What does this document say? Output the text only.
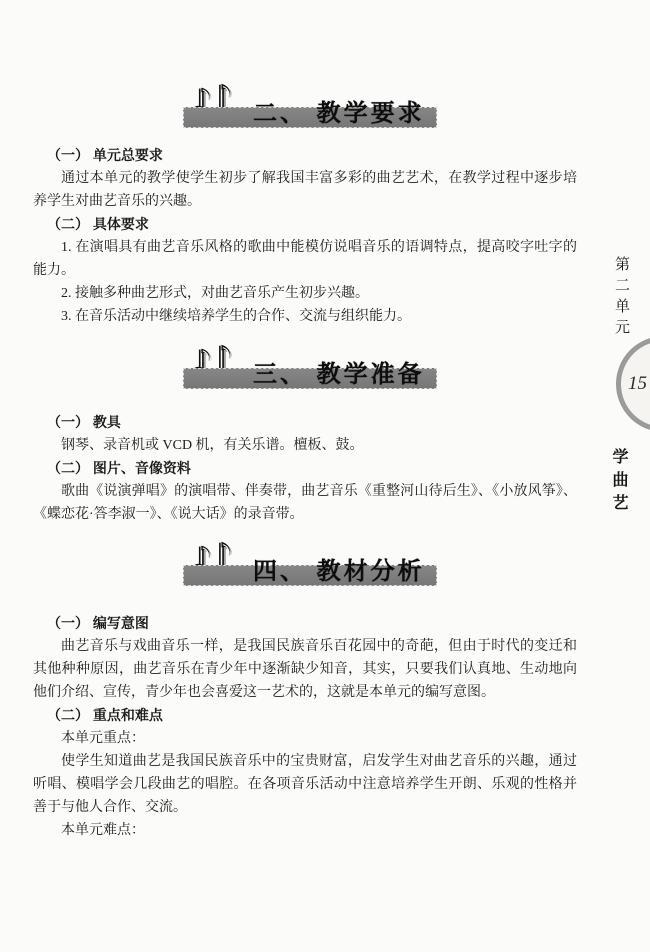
二、 教学要求

（一） 单元总要求

通过本单元的教学使学生初步了解我国丰富多彩的曲艺艺术，在教学过程中逐步培养学生对曲艺音乐的兴趣。

（二） 具体要求

1. 在演唱具有曲艺音乐风格的歌曲中能模仿说唱音乐的语调特点，提高咬字吐字的能力。

2. 接触多种曲艺形式，对曲艺音乐产生初步兴趣。

3. 在音乐活动中继续培养学生的合作、交流与组织能力。

三、 教学准备

（一） 教具

钢琴、录音机或 VCD 机，有关乐谱。檀板、鼓。

（二） 图片、音像资料

歌曲《说演弹唱》的演唱带、伴奏带，曲艺音乐《重整河山待后生》、《小放风筝》、《蝶恋花·答李淑一》、《说大话》的录音带。

四、 教材分析

（一） 编写意图

曲艺音乐与戏曲音乐一样，是我国民族音乐百花园中的奇葩，但由于时代的变迁和其他种种原因，曲艺音乐在青少年中逐渐缺少知音，其实，只要我们认真地、生动地向他们介绍、宣传，青少年也会喜爱这一艺术的，这就是本单元的编写意图。

（二） 重点和难点

本单元重点：

使学生知道曲艺是我国民族音乐中的宝贵财富，启发学生对曲艺音乐的兴趣，通过听唱、模唱学会几段曲艺的唱腔。在各项音乐活动中注意培养学生开朗、乐观的性格并善于与他人合作、交流。

本单元难点：

第二单元
15
学曲艺
